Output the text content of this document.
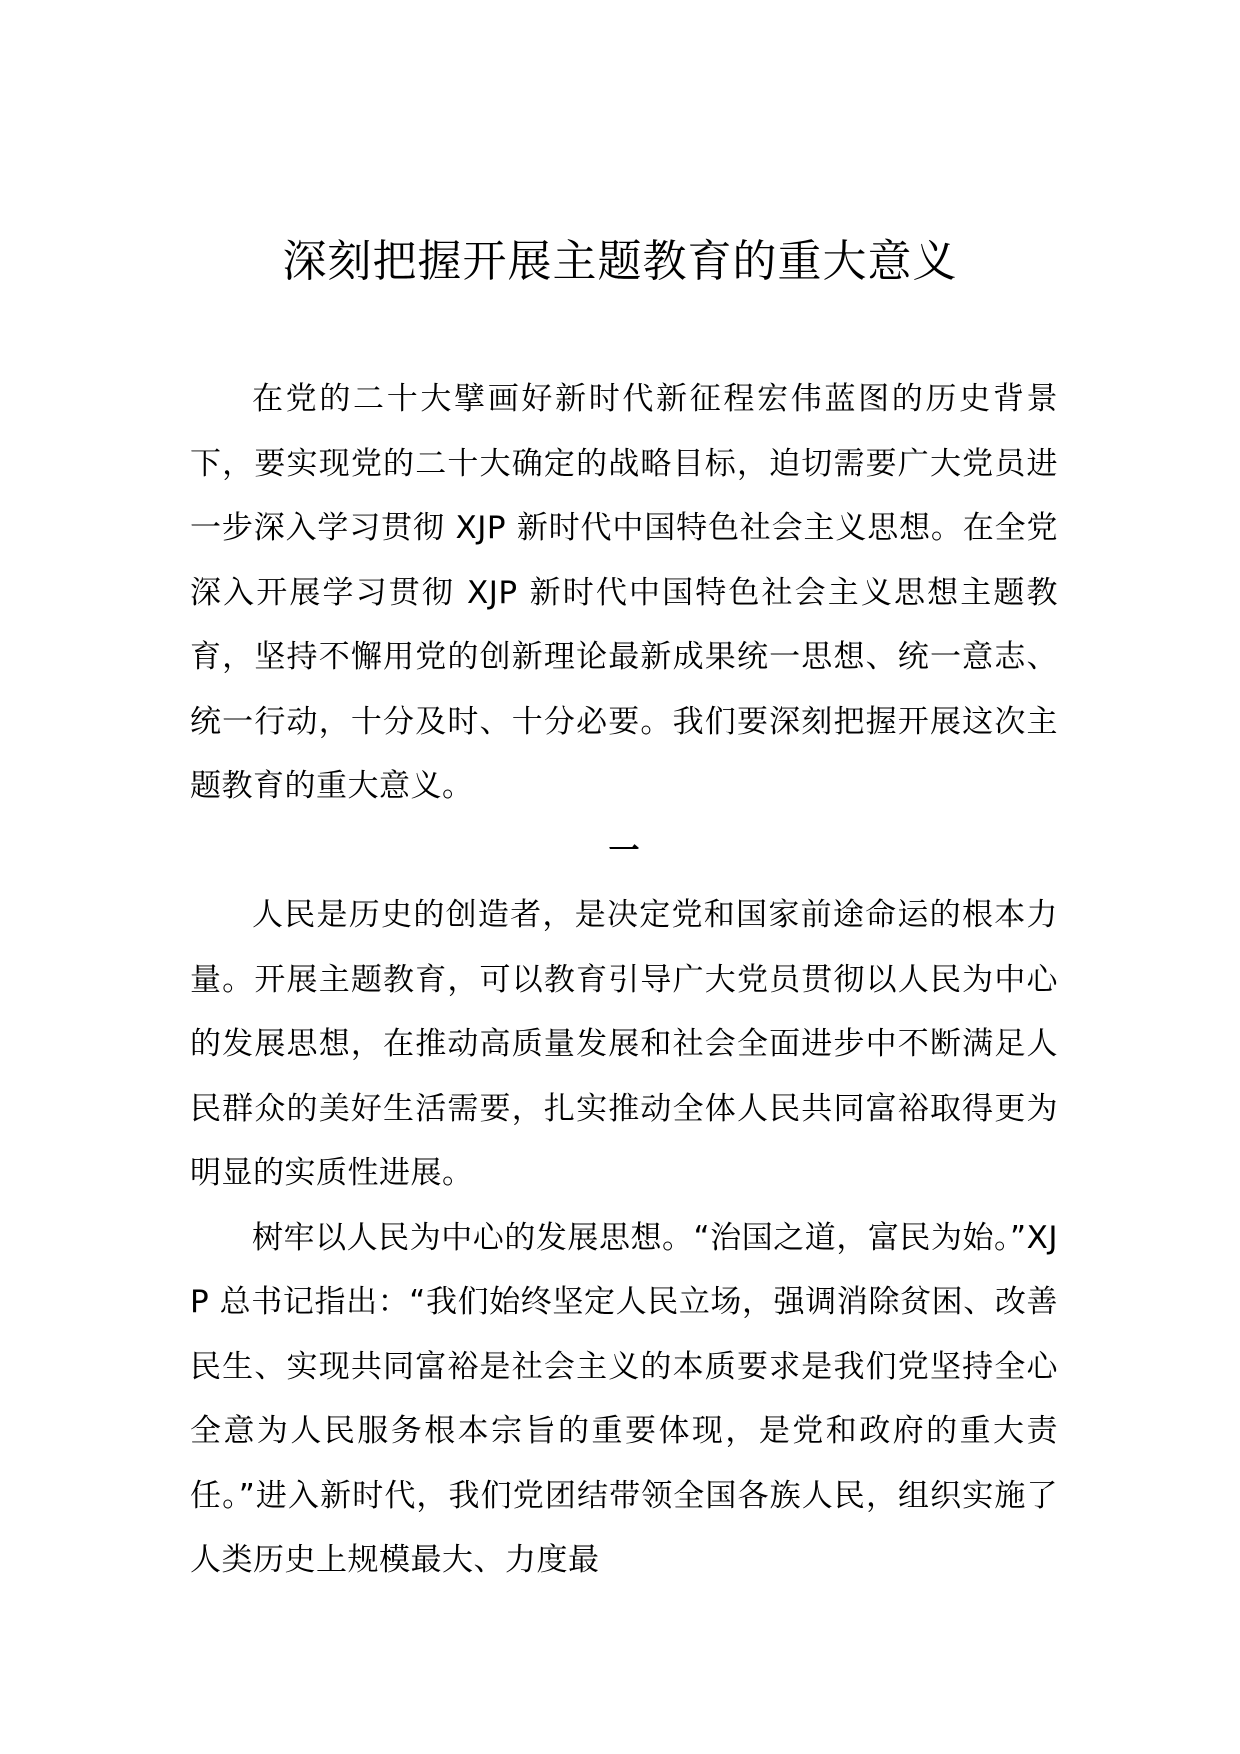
深刻把握开展主题教育的重大意义

在党的二十大擘画好新时代新征程宏伟蓝图的历史背景下，要实现党的二十大确定的战略目标，迫切需要广大党员进一步深入学习贯彻 XJP 新时代中国特色社会主义思想。在全党深入开展学习贯彻 XJP 新时代中国特色社会主义思想主题教育，坚持不懈用党的创新理论最新成果统一思想、统一意志、统一行动，十分及时、十分必要。我们要深刻把握开展这次主题教育的重大意义。

一

人民是历史的创造者，是决定党和国家前途命运的根本力量。开展主题教育，可以教育引导广大党员贯彻以人民为中心的发展思想，在推动高质量发展和社会全面进步中不断满足人民群众的美好生活需要，扎实推动全体人民共同富裕取得更为明显的实质性进展。

树牢以人民为中心的发展思想。“治国之道，富民为始。”XJP 总书记指出：“我们始终坚定人民立场，强调消除贫困、改善民生、实现共同富裕是社会主义的本质要求是我们党坚持全心全意为人民服务根本宗旨的重要体现，是党和政府的重大责任。”进入新时代，我们党团结带领全国各族人民，组织实施了人类历史上规模最大、力度最
